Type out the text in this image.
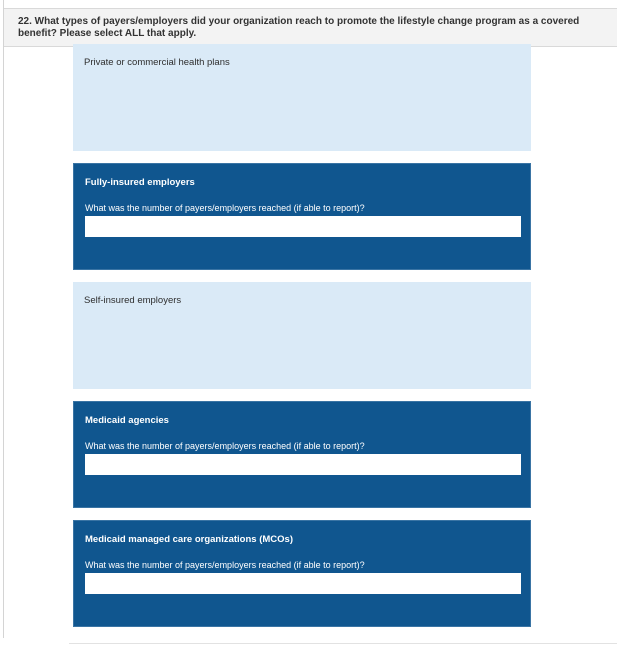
22. What types of payers/employers did your organization reach to promote the lifestyle change program as a covered benefit? Please select ALL that apply.
Private or commercial health plans
Fully-insured employers
What was the number of payers/employers reached (if able to report)?
Self-insured employers
Medicaid agencies
What was the number of payers/employers reached (if able to report)?
Medicaid managed care organizations (MCOs)
What was the number of payers/employers reached (if able to report)?
